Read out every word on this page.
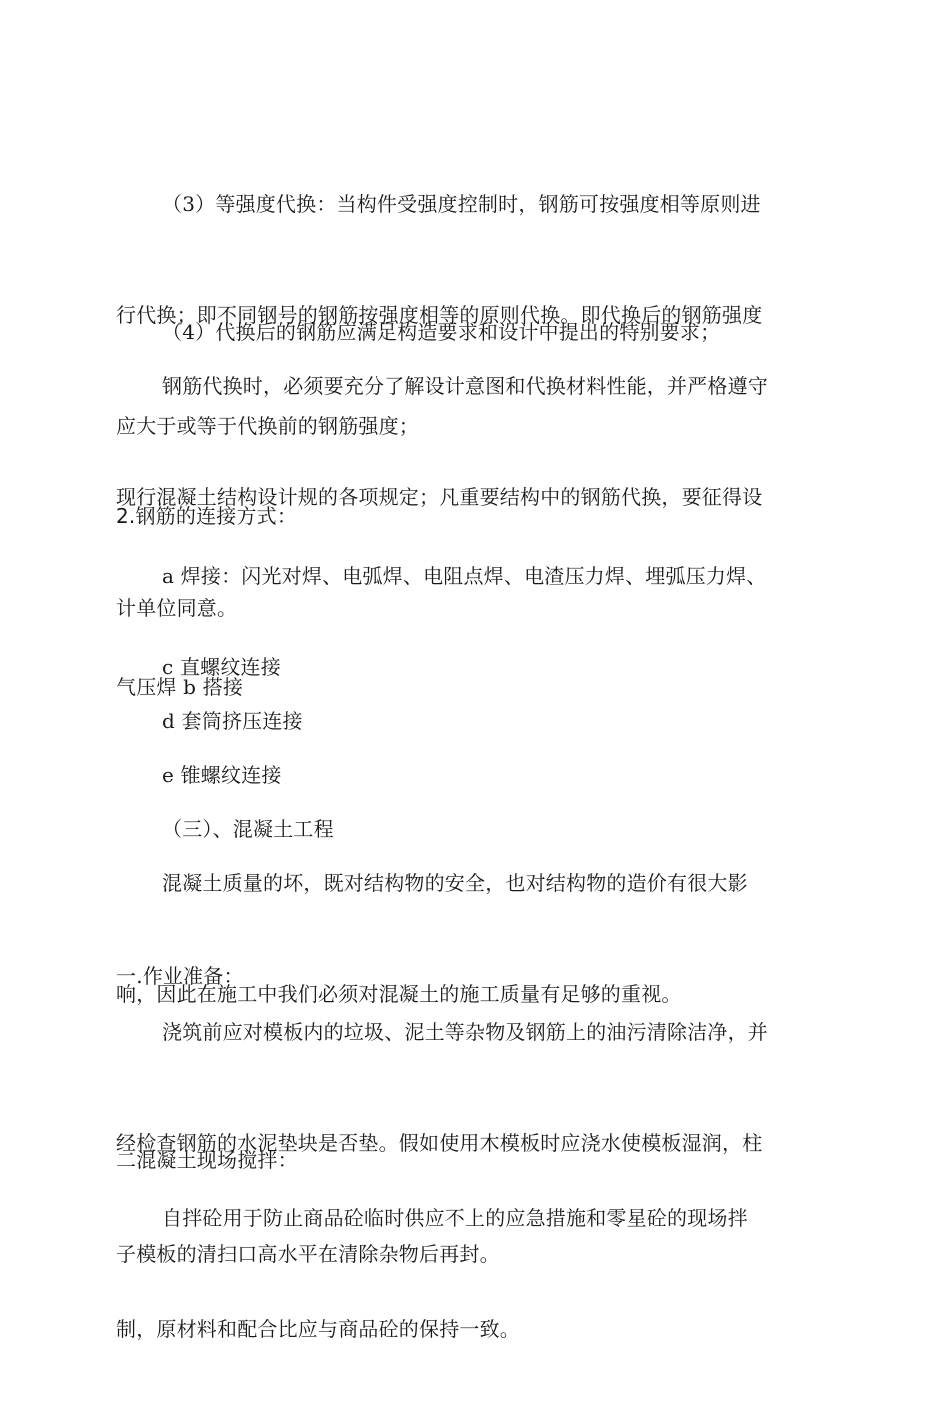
（3）等强度代换：当构件受强度控制时，钢筋可按强度相等原则进

行代换；即不同钢号的钢筋按强度相等的原则代换。即代换后的钢筋强度

应大于或等于代换前的钢筋强度；

（4）代换后的钢筋应满足构造要求和设计中提出的特别要求；

钢筋代换时，必须要充分了解设计意图和代换材料性能，并严格遵守

现行混凝土结构设计规的各项规定；凡重要结构中的钢筋代换，要征得设

计单位同意。

2.钢筋的连接方式：

a 焊接：闪光对焊、电弧焊、电阻点焊、电渣压力焊、埋弧压力焊、

气压焊 b 搭接

c 直螺纹连接

d 套筒挤压连接

e 锥螺纹连接

（三）、混凝土工程

混凝土质量的坏，既对结构物的安全，也对结构物的造价有很大影

响，因此在施工中我们必须对混凝土的施工质量有足够的重视。

一.作业准备：

浇筑前应对模板内的垃圾、泥土等杂物及钢筋上的油污清除洁净，并

经检查钢筋的水泥垫块是否垫。假如使用木模板时应浇水使模板湿润，柱

子模板的清扫口高水平在清除杂物后再封。

二混凝土现场搅拌：

自拌砼用于防止商品砼临时供应不上的应急措施和零星砼的现场拌

制，原材料和配合比应与商品砼的保持一致。
